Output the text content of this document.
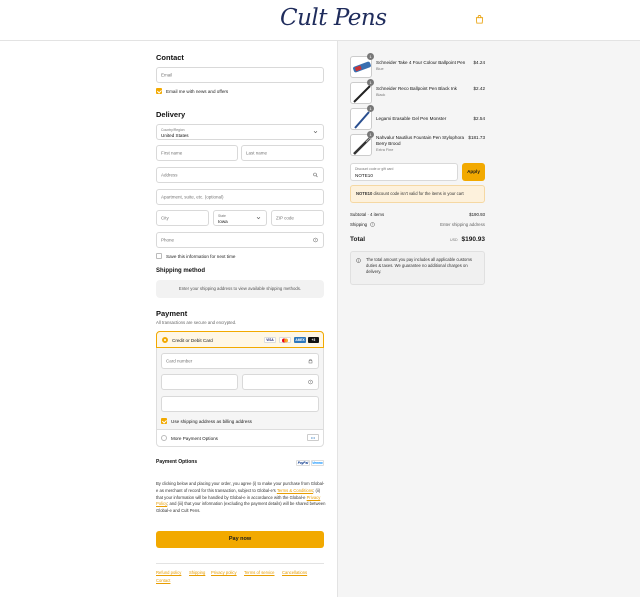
Cult Pens
Contact
Email
Email me with news and offers
Delivery
Country/Region
United States
First name	Last name
Address
Apartment, suite, etc. (optional)
City	State
Iowa
ZIP code
Phone	?
Save this information for next time
Shipping method
Enter your shipping address to view available shipping methods.
Payment
All transactions are secure and encrypted.
Credit or Debit Card	VISA	AMEX	+3
Card number
?
Use shipping address as billing address
More Payment Options	•••
Payment Options	PayPal	Venmo
By clicking below and placing your order, you agree (i) to make your purchase from Global-e as merchant of record for this transaction, subject to Global-e's Terms & Conditions; (ii) that your information will be handled by Global-e in accordance with the Global-e Privacy Policy; and (iii) that your information (excluding the payment details) will be shared between Global-e and Cult Pens.
Pay now
Refund policy Shipping Privacy policy Terms of service Cancellations
Contact
1
Schneider Take 4 Four Colour Ballpoint Pen
Blue
$4.24
1
Schneider Reco Ballpoint Pen Black Ink
Black
$2.42
1
Legami Erasable Gel Pen Monster	$2.54
1
Nahvalur Nautilus Fountain Pen Stylophora Berry Brood
Extra Fine
$181.73
Discount code or gift card
NOTE10
Apply
NOTE10 discount code isn't valid for the items in your cart
Subtotal · 4 items	$190.93
Shipping ?	Enter shipping address
Total	USD $190.93
The total amount you pay includes all applicable customs duties & taxes. We guarantee no additional charges on delivery.
